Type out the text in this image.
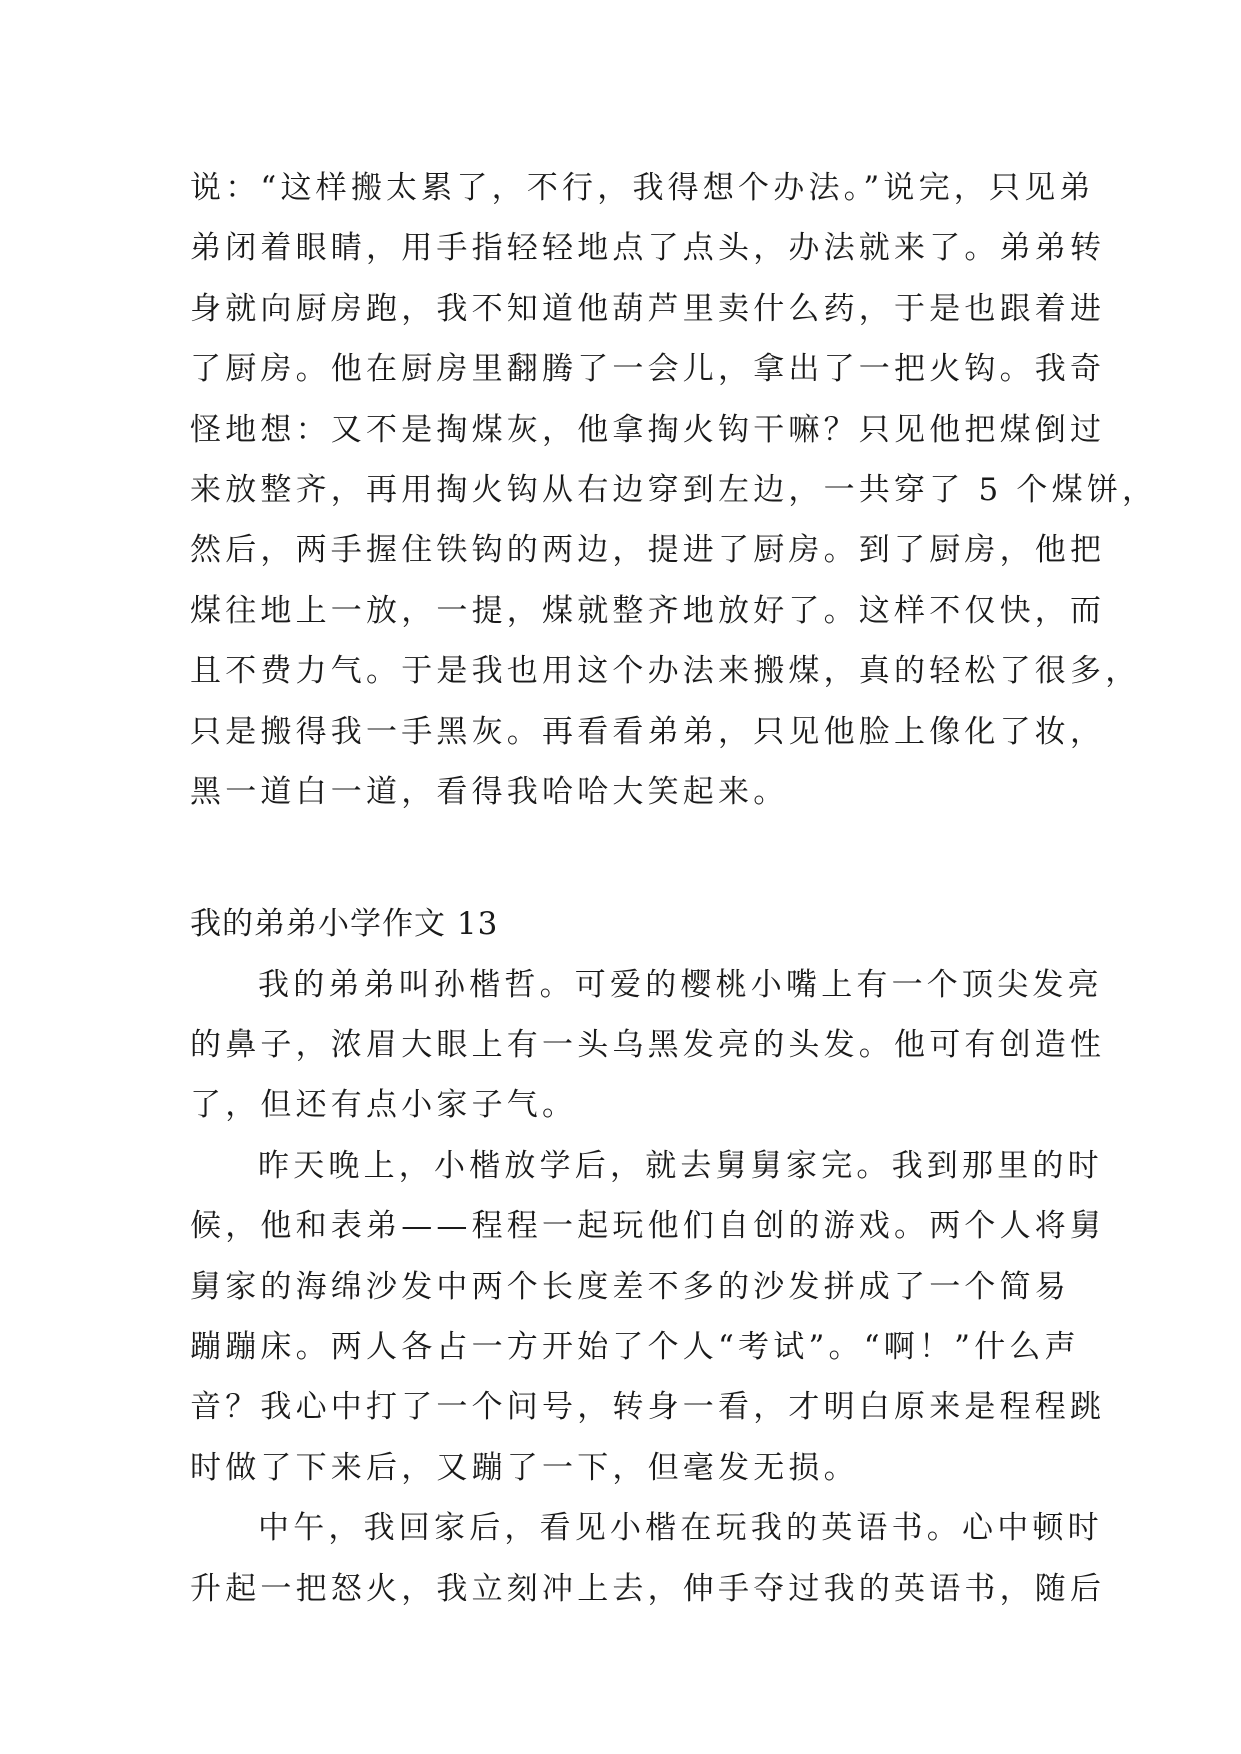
说：“这样搬太累了，不行，我得想个办法。”说完，只见弟
弟闭着眼睛，用手指轻轻地点了点头，办法就来了。弟弟转
身就向厨房跑，我不知道他葫芦里卖什么药，于是也跟着进
了厨房。他在厨房里翻腾了一会儿，拿出了一把火钩。我奇
怪地想：又不是掏煤灰，他拿掏火钩干嘛？只见他把煤倒过
来放整齐，再用掏火钩从右边穿到左边，一共穿了 5 个煤饼，
然后，两手握住铁钩的两边，提进了厨房。到了厨房，他把
煤往地上一放，一提，煤就整齐地放好了。这样不仅快，而
且不费力气。于是我也用这个办法来搬煤，真的轻松了很多，
只是搬得我一手黑灰。再看看弟弟，只见他脸上像化了妆，
黑一道白一道，看得我哈哈大笑起来。
我的弟弟小学作文 13
我的弟弟叫孙楷哲。可爱的樱桃小嘴上有一个顶尖发亮
的鼻子，浓眉大眼上有一头乌黑发亮的头发。他可有创造性
了，但还有点小家子气。
昨天晚上，小楷放学后，就去舅舅家完。我到那里的时
候，他和表弟——程程一起玩他们自创的游戏。两个人将舅
舅家的海绵沙发中两个长度差不多的沙发拼成了一个简易
蹦蹦床。两人各占一方开始了个人“考试”。“啊！”什么声
音？我心中打了一个问号，转身一看，才明白原来是程程跳
时做了下来后，又蹦了一下，但毫发无损。
中午，我回家后，看见小楷在玩我的英语书。心中顿时
升起一把怒火，我立刻冲上去，伸手夺过我的英语书，随后
